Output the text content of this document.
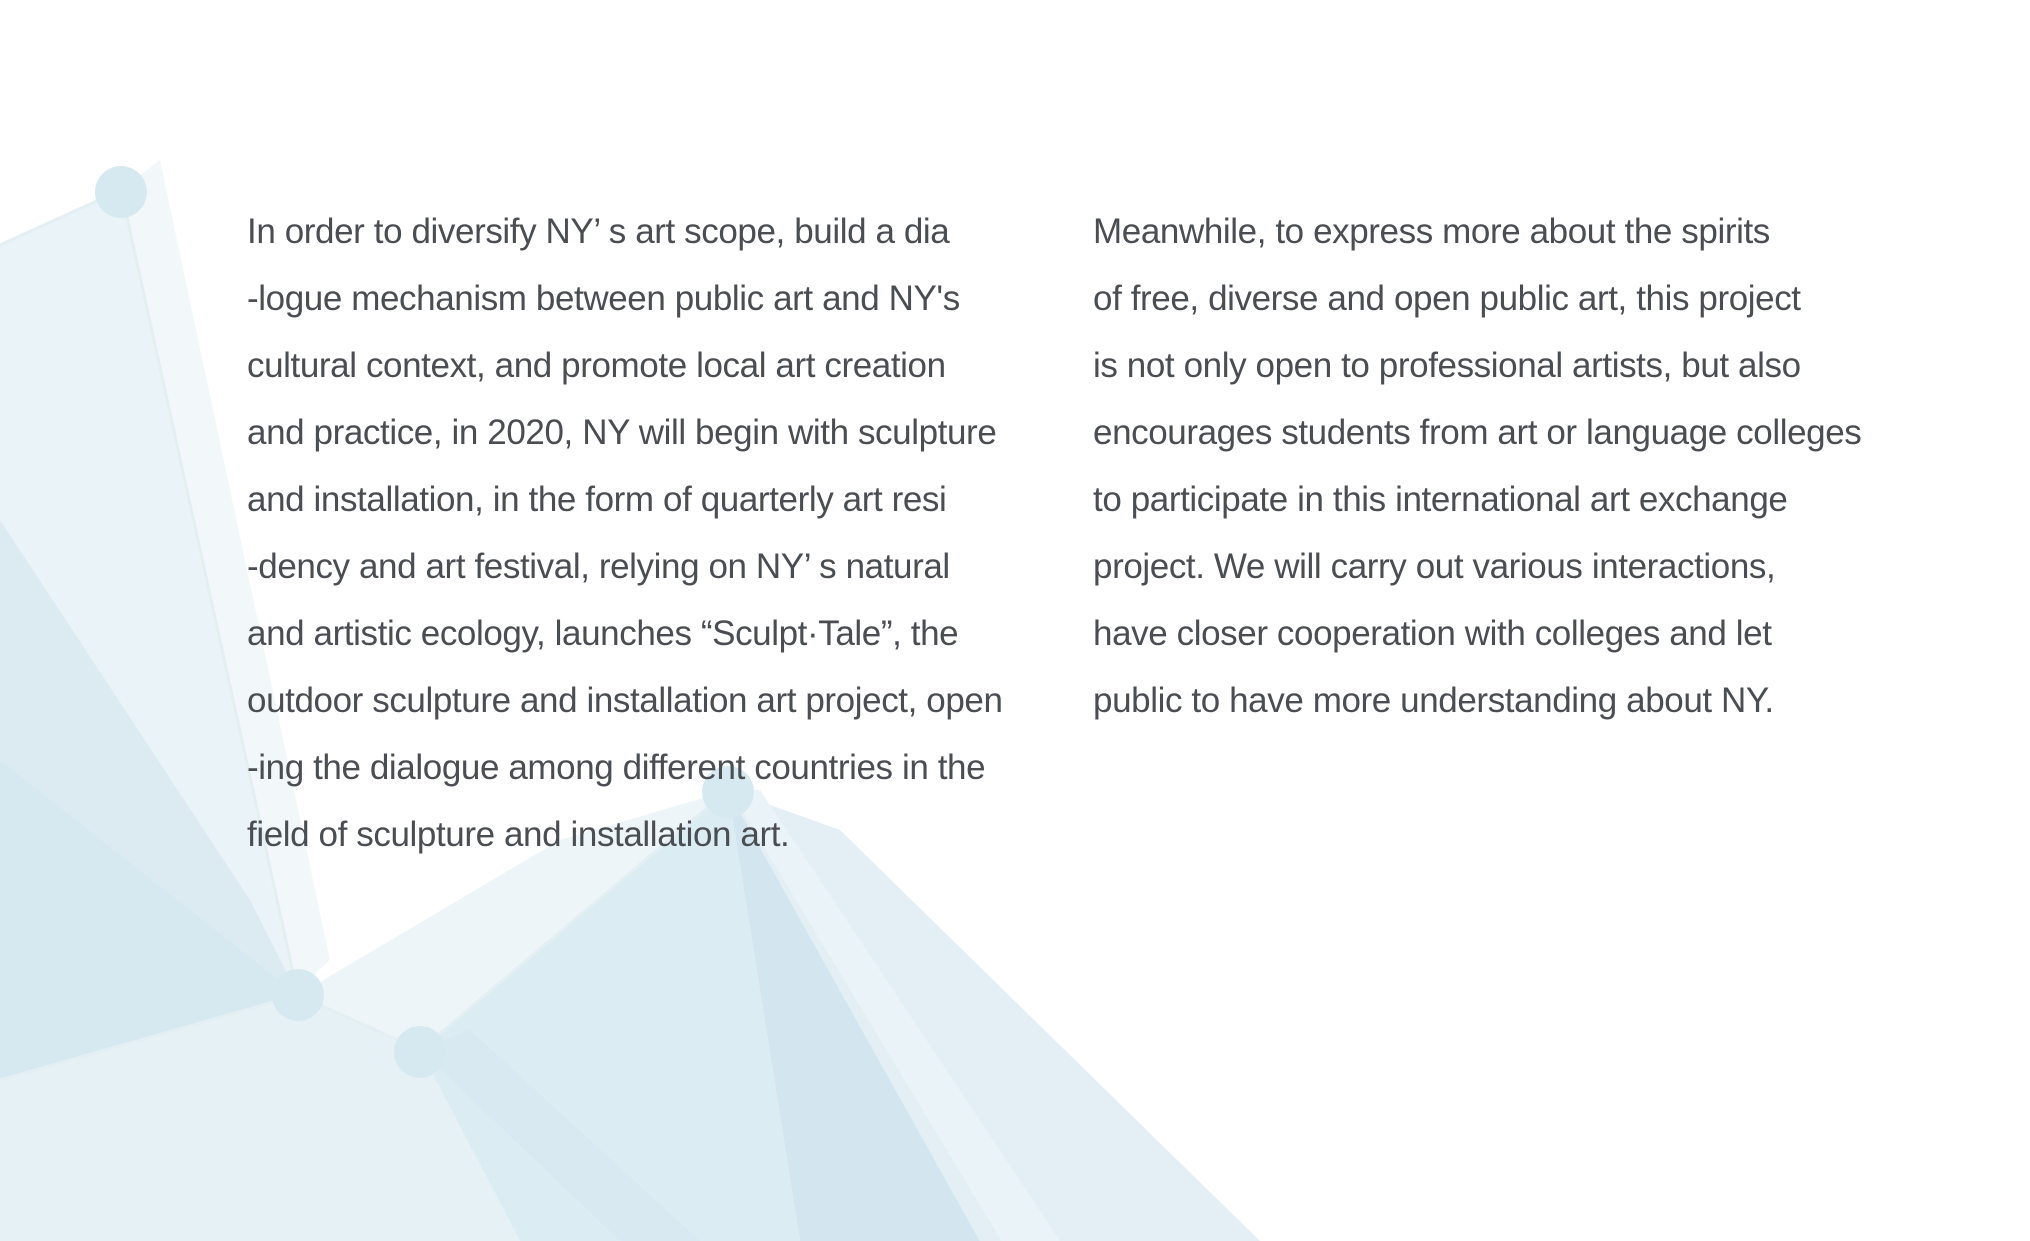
In order to diversify NY’ s art scope, build a dia
-logue mechanism between public art and NY's
cultural context, and promote local art creation
and practice, in 2020, NY will begin with sculpture
and installation, in the form of quarterly art resi
-dency and art festival, relying on NY’ s natural
and artistic ecology, launches “Sculpt·Tale”, the
outdoor sculpture and installation art project, open
-ing the dialogue among different countries in the
field of sculpture and installation art.
Meanwhile, to express more about the spirits
of free, diverse and open public art, this project
is not only open to professional artists, but also
encourages students from art or language colleges
to participate in this international art exchange
project. We will carry out various interactions,
have closer cooperation with colleges and let
public to have more understanding about NY.
